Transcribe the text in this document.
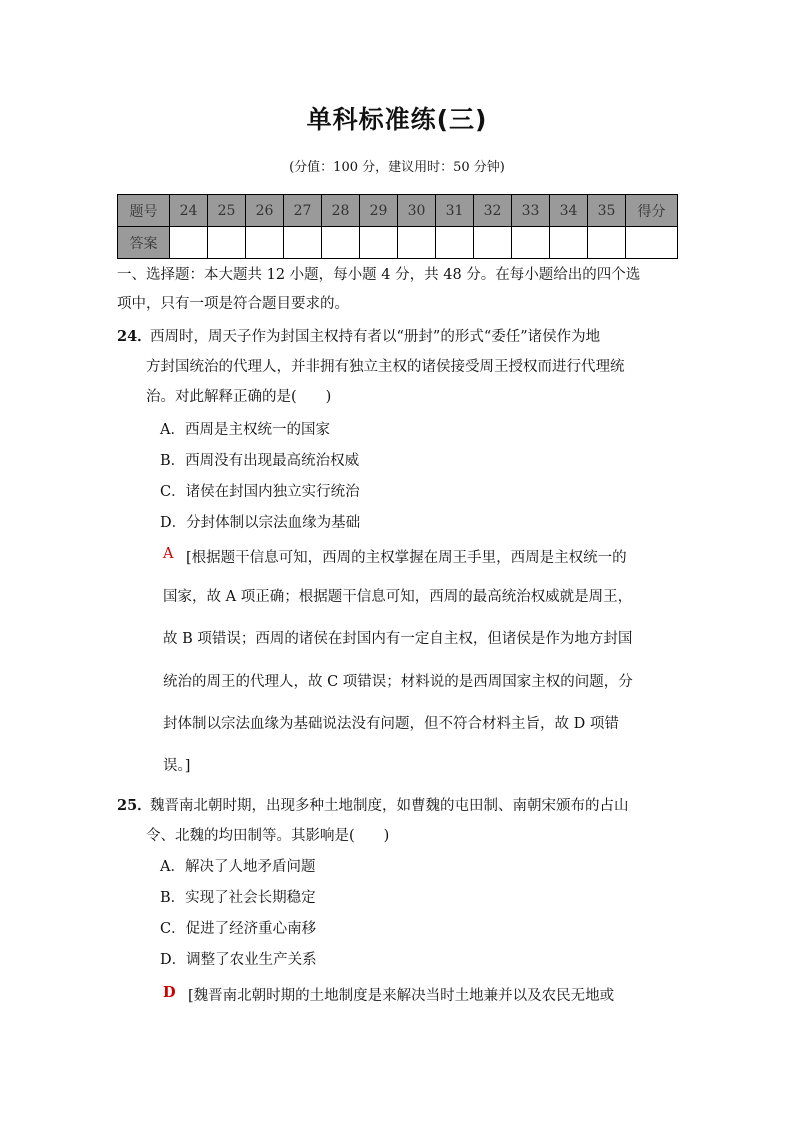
单科标准练(三)
(分值：100 分，建议用时：50 分钟)
题号	24	25	26	27	28	29	30	31	32	33	34	35	得分
答案													
一、选择题：本大题共 12 小题，每小题 4 分，共 48 分。在每小题给出的四个选
项中，只有一项是符合题目要求的。
24．
西周时，周天子作为封国主权持有者以“册封”的形式“委任”诸侯作为地
方封国统治的代理人，并非拥有独立主权的诸侯接受周王授权而进行代理统
治。对此解释正确的是(　　)
A．西周是主权统一的国家
B．西周没有出现最高统治权威
C．诸侯在封国内独立实行统治
D．分封体制以宗法血缘为基础
A [根据题干信息可知，西周的主权掌握在周王手里，西周是主权统一的
国家，故 A 项正确；根据题干信息可知，西周的最高统治权威就是周王，
故 B 项错误；西周的诸侯在封国内有一定自主权，但诸侯是作为地方封国
统治的周王的代理人，故 C 项错误；材料说的是西周国家主权的问题，分
封体制以宗法血缘为基础说法没有问题，但不符合材料主旨，故 D 项错
误。]
25．
魏晋南北朝时期，出现多种土地制度，如曹魏的屯田制、南朝宋颁布的占山
令、北魏的均田制等。其影响是(　　)
A．解决了人地矛盾问题
B．实现了社会长期稳定
C．促进了经济重心南移
D．调整了农业生产关系
D [魏晋南北朝时期的土地制度是来解决当时土地兼并以及农民无地或
